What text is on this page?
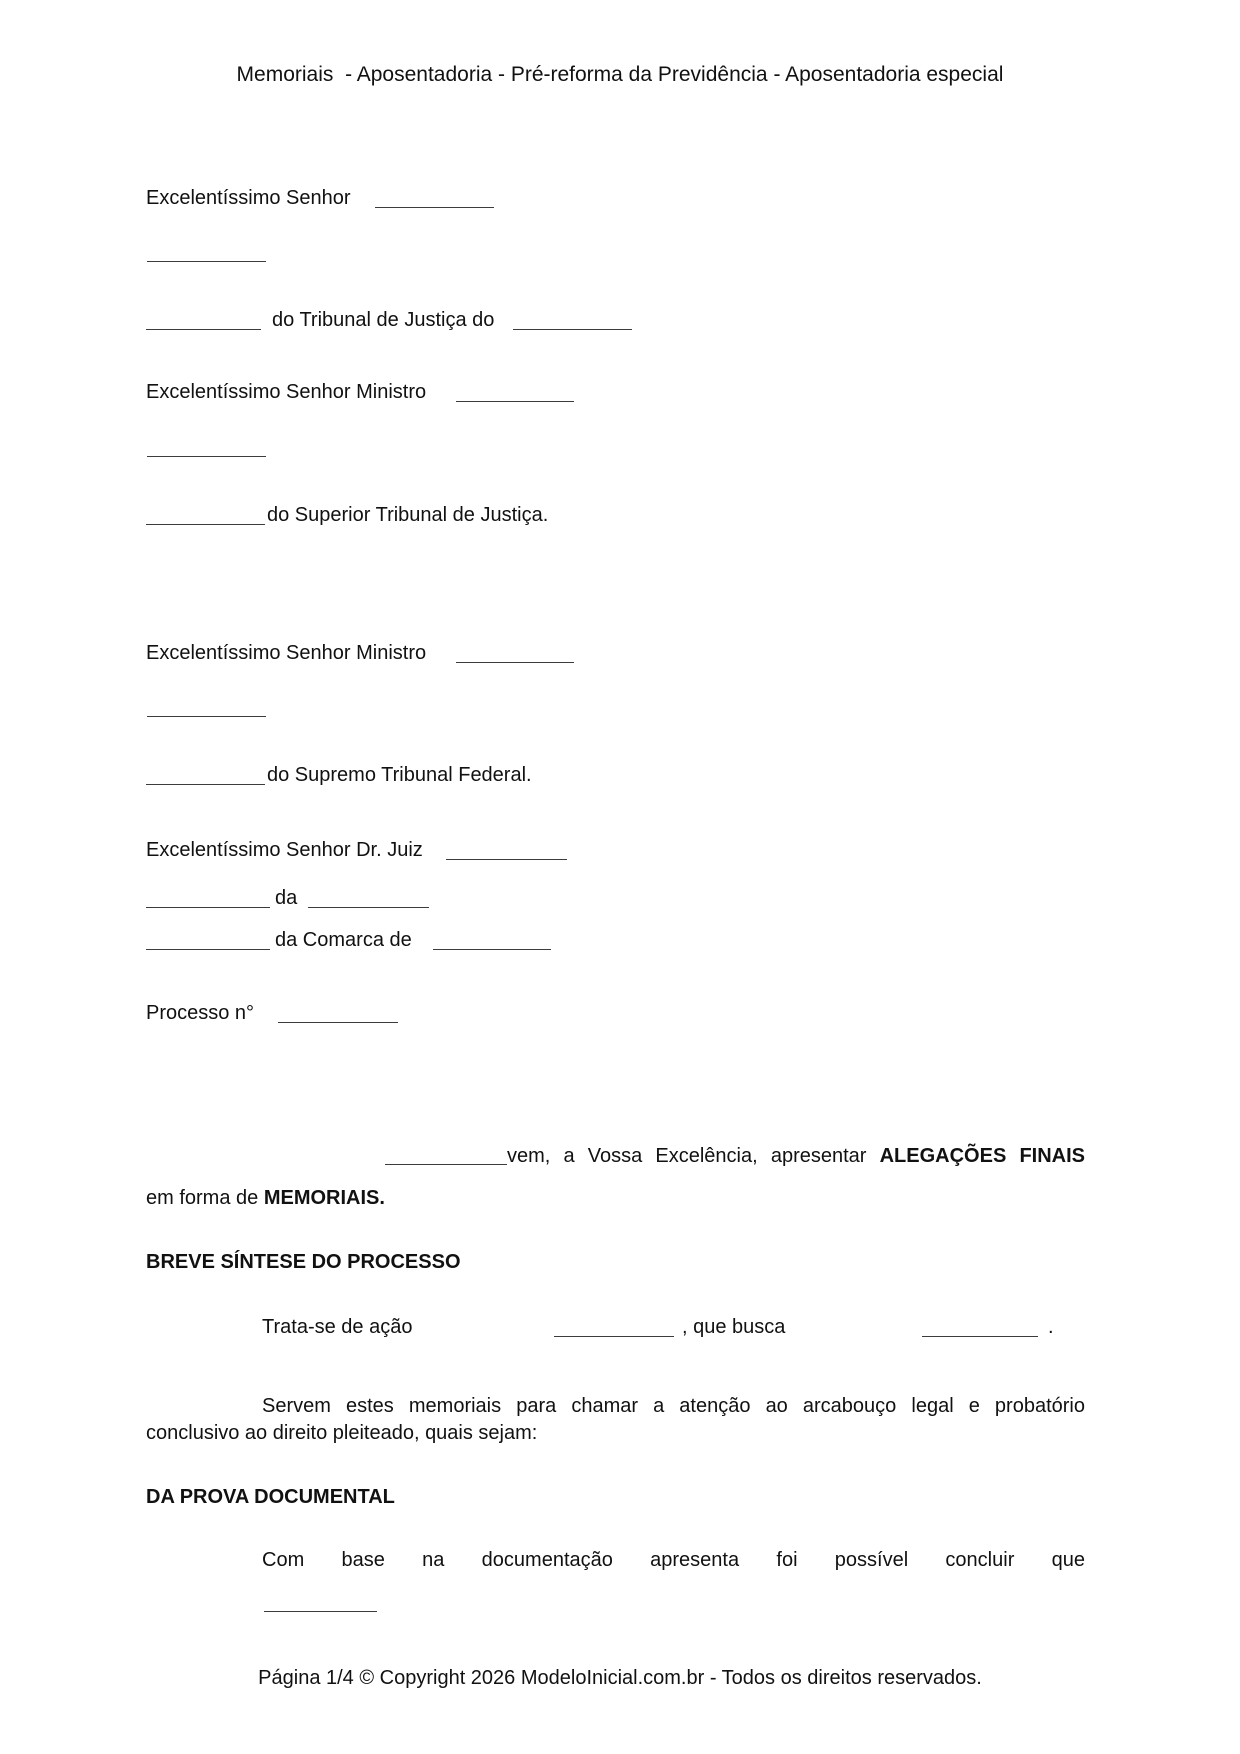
Memoriais  - Aposentadoria - Pré-reforma da Previdência - Aposentadoria especial
Excelentíssimo Senhor
do Tribunal de Justiça do
Excelentíssimo Senhor Ministro
do Superior Tribunal de Justiça.
Excelentíssimo Senhor Ministro
do Supremo Tribunal Federal.
Excelentíssimo Senhor Dr. Juiz
da
da Comarca de
Processo n°
vem, a Vossa Excelência, apresentar ALEGAÇÕES FINAIS
em forma de MEMORIAIS.
BREVE SÍNTESE DO PROCESSO
Trata-se de ação	, que busca	.
Servem estes memoriais para chamar a atenção ao arcabouço legal e probatório
conclusivo ao direito pleiteado, quais sejam:
DA PROVA DOCUMENTAL
Com base na documentação apresenta foi possível concluir que
Página 1/4 © Copyright 2026 ModeloInicial.com.br - Todos os direitos reservados.
